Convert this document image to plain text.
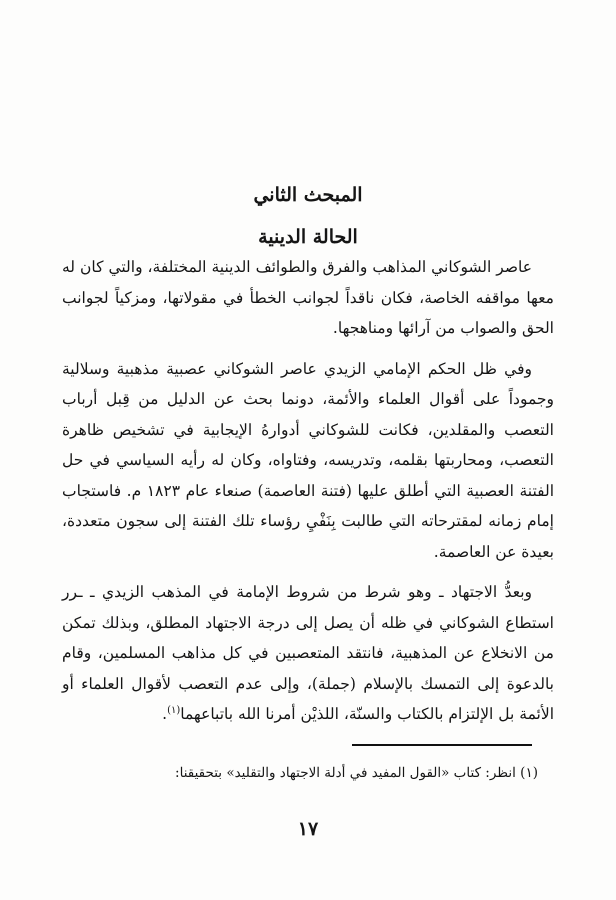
المبحث الثاني
الحالة الدينية

عاصر الشوكاني المذاهب والفرق والطوائف الدينية المختلفة، والتي كان له معها مواقفه الخاصة، فكان ناقداً لجوانب الخطأ في مقولاتها، ومزكياً لجوانب الحق والصواب من آرائها ومناهجها.

وفي ظل الحكم الإمامي الزيدي عاصر الشوكاني عصبية مذهبية وسلالية وجموداً على أقوال العلماء والأئمة، دونما بحث عن الدليل من قِبل أرباب التعصب والمقلدين، فكانت للشوكاني أدوارهُ الإيجابية في تشخيص ظاهرة التعصب، ومحاربتها بقلمه، وتدريسه، وفتاواه، وكان له رأيه السياسي في حل الفتنة العصبية التي أطلق عليها (فتنة العاصمة) صنعاء عام ١٨٢٣ م. فاستجاب إمام زمانه لمقترحاته التي طالبت بِنَفْيِ رؤساء تلك الفتنة إلى سجون متعددة، بعيدة عن العاصمة.

وبعدُّ الاجتهاد ـ وهو شرط من شروط الإمامة في المذهب الزيدي ـ ـرر استطاع الشوكاني في ظله أن يصل إلى درجة الاجتهاد المطلق، وبذلك تمكن من الانخلاع عن المذهبية، فانتقد المتعصبين في كل مذاهب المسلمين، وقام بالدعوة إلى التمسك بالإسلام (جملة)، وإلى عدم التعصب لأقوال العلماء أو الأئمة بل الإلتزام بالكتاب والسنّة، اللذيْن أمرنا الله باتباعهما$^{(١)}$.

(١) انظر: كتاب «القول المفيد في أدلة الاجتهاد والتقليد» بتحقيقنا:
١٧
